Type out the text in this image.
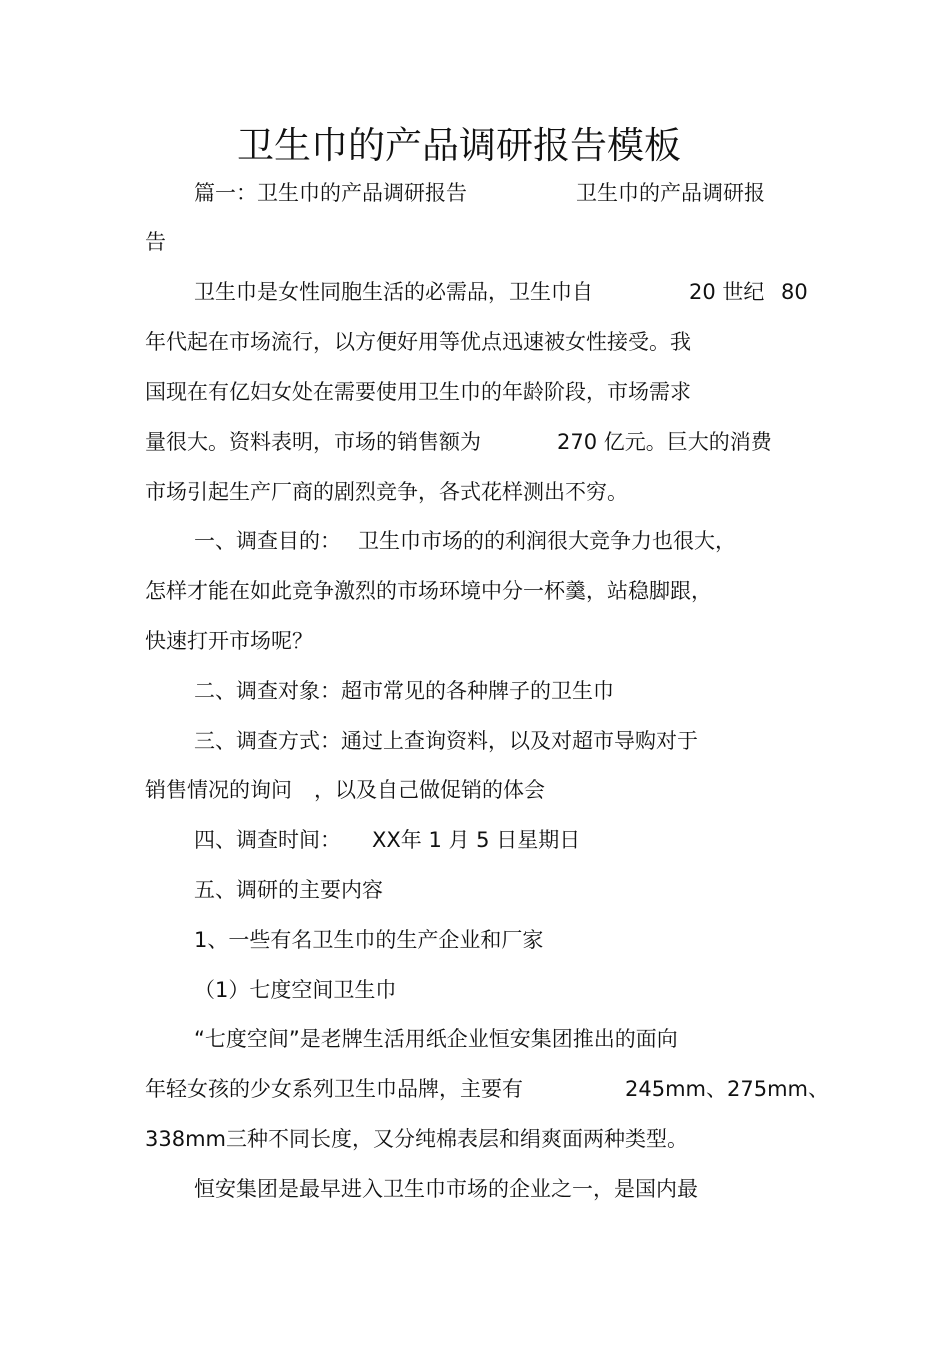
卫生巾的产品调研报告模板
篇一：卫生巾的产品调研报告	卫生巾的产品调研报
告
卫生巾是女性同胞生活的必需品，卫生巾自	20 世纪 80
年代起在市场流行，以方便好用等优点迅速被女性接受。我
国现在有亿妇女处在需要使用卫生巾的年龄阶段，市场需求
量很大。资料表明，市场的销售额为	270 亿元。巨大的消费
市场引起生产厂商的剧烈竞争，各式花样测出不穷。
一、调查目的： 卫生巾市场的的利润很大竞争力也很大，
怎样才能在如此竞争激烈的市场环境中分一杯羹，站稳脚跟，
快速打开市场呢？
二、调查对象：超市常见的各种牌子的卫生巾
三、调查方式：通过上查询资料，以及对超市导购对于
销售情况的询问 ，以及自己做促销的体会
四、调查时间： XX年 1 月 5 日星期日
五、调研的主要内容
1、一些有名卫生巾的生产企业和厂家
（1）七度空间卫生巾
“七度空间”是老牌生活用纸企业恒安集团推出的面向
年轻女孩的少女系列卫生巾品牌，主要有	245mm、275mm、
338mm三种不同长度，又分纯棉表层和绢爽面两种类型。
恒安集团是最早进入卫生巾市场的企业之一，是国内最
